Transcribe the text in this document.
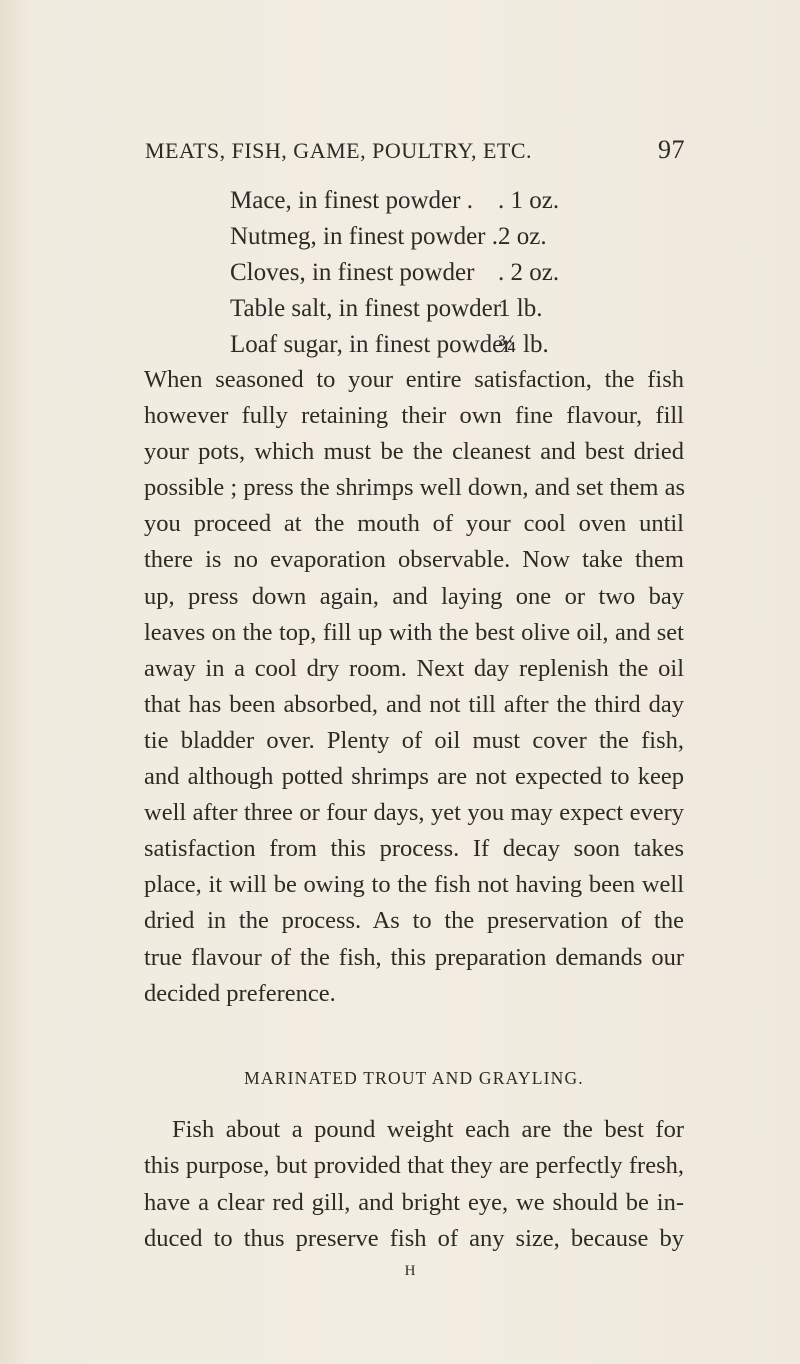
MEATS, FISH, GAME, POULTRY, ETC.	97
Mace, in finest powder . . 1 oz.
Nutmeg, in finest powder . 2 oz.
Cloves, in finest powder . 2 oz.
Table salt, in finest powder
1 lb.
Loaf sugar, in finest powder
¾ lb.
When seasoned to your entire satisfaction, the fish
however fully retaining their own fine flavour, fill
your pots, which must be the cleanest and best dried
possible ; press the shrimps well down, and set them as
you proceed at the mouth of your cool oven until
there is no evaporation observable. Now take them
up, press down again, and laying one or two bay
leaves on the top, fill up with the best olive oil, and set
away in a cool dry room. Next day replenish the oil
that has been absorbed, and not till after the third day
tie bladder over. Plenty of oil must cover the fish,
and although potted shrimps are not expected to keep
well after three or four days, yet you may expect every
satisfaction from this process. If decay soon takes
place, it will be owing to the fish not having been well
dried in the process. As to the preservation of the
true flavour of the fish, this preparation demands our
decided preference.
MARINATED TROUT AND GRAYLING.
Fish about a pound weight each are the best for
this purpose, but provided that they are perfectly fresh,
have a clear red gill, and bright eye, we should be in-
duced to thus preserve fish of any size, because by
H
